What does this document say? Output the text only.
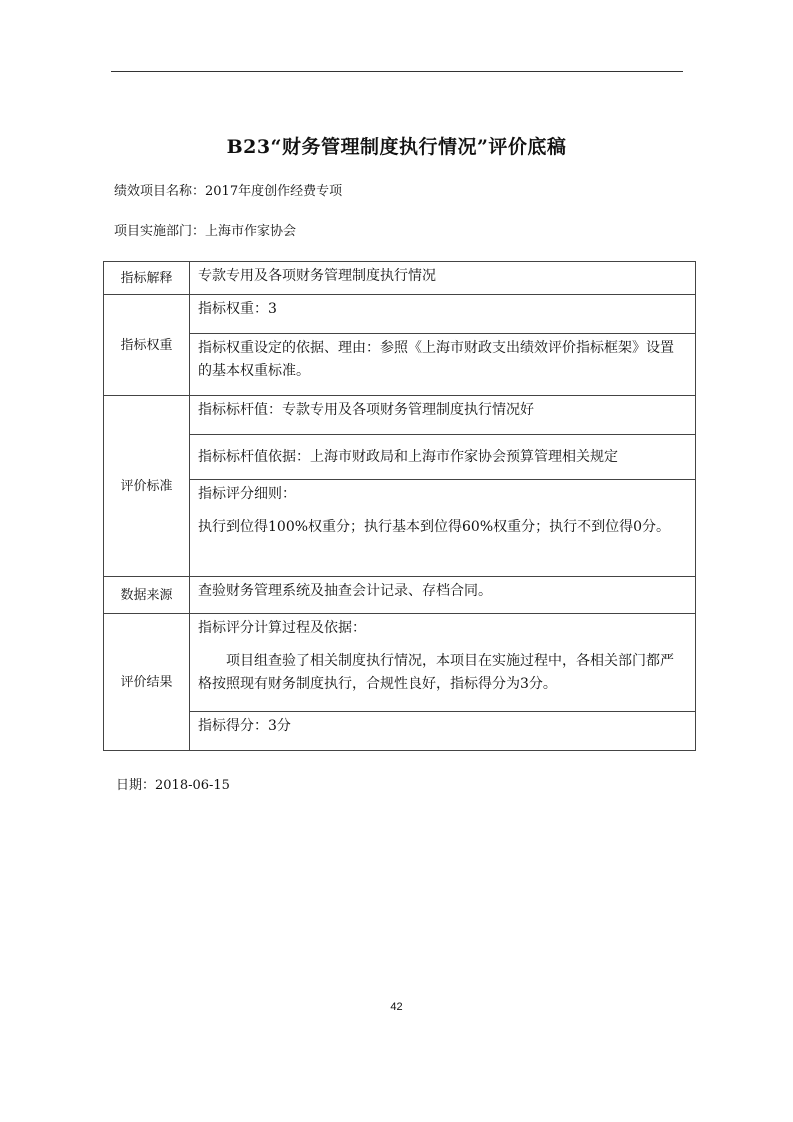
B23“财务管理制度执行情况”评价底稿
绩效项目名称：2017年度创作经费专项
项目实施部门：上海市作家协会
指标解释	专款专用及各项财务管理制度执行情况

指标权重	指标权重：3

	指标权重设定的依据、理由：参照《上海市财政支出绩效评价指标框架》设置的基本权重标准。

评价标准	指标标杆值：专款专用及各项财务管理制度执行情况好

	指标标杆值依据：上海市财政局和上海市作家协会预算管理相关规定

	指标评分细则：

执行到位得100%权重分；执行基本到位得60%权重分；执行不到位得0分。

数据来源	查验财务管理系统及抽查会计记录、存档合同。

评价结果	指标评分计算过程及依据：

项目组查验了相关制度执行情况，本项目在实施过程中，各相关部门都严格按照现有财务制度执行，合规性良好，指标得分为3分。

	指标得分：3分

日期：2018-06-15
42
